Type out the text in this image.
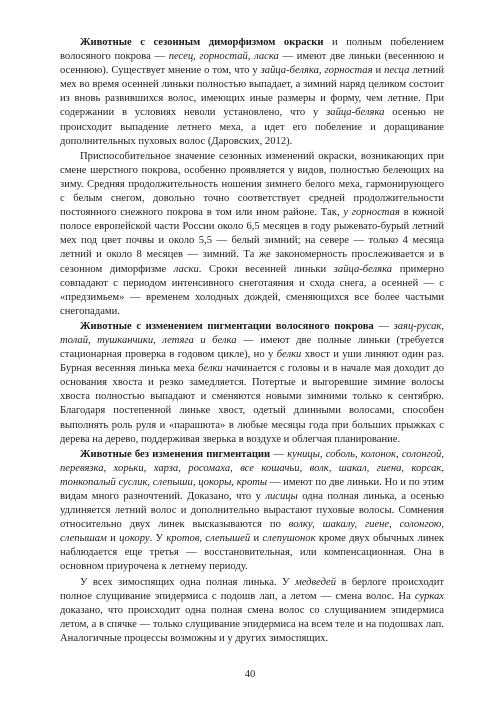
Животные с сезонным диморфизмом окраски и полным побелением волосяного покрова — песец, горностай, ласка — имеют две линьки (весеннюю и осеннюю). Существует мнение о том, что у зайца-беляка, горностая и песца летний мех во время осенней линьки полностью выпадает, а зимний наряд целиком состоит из вновь развившихся волос, имеющих иные размеры и форму, чем летние. При содержании в условиях неволи установлено, что у зайца-беляка осенью не происходит выпадение летнего меха, а идет его побеление и доращивание дополнительных пуховых волос (Даровских, 2012).

Приспособительное значение сезонных изменений окраски, возникающих при смене шерстного покрова, особенно проявляется у видов, полностью белеющих на зиму. Средняя продолжительность ношения зимнего белого меха, гармонирующего с белым снегом, довольно точно соответствует средней продолжительности постоянного снежного покрова в том или ином районе. Так, у горностая в южной полосе европейской части России около 6,5 месяцев в году рыжевато-бурый летний мех под цвет почвы и около 5,5 — белый зимний; на севере — только 4 месяца летний и около 8 месяцев — зимний. Та же закономерность прослеживается и в сезонном диморфизме ласки. Сроки весенней линьки зайца-беляка примерно совпадают с периодом интенсивного снеготаяния и схода снега, а осенней — с «предзимьем» — временем холодных дождей, сменяющихся все более частыми снегопадами.

Животные с изменением пигментации волосяного покрова — заяц-русак, толай, тушканчики, летяга и белка — имеют две полные линьки (требуется стационарная проверка в годовом цикле), но у белки хвост и уши линяют один раз. Бурная весенняя линька меха белки начинается с головы и в начале мая доходит до основания хвоста и резко замедляется. Потертые и выгоревшие зимние волосы хвоста полностью выпадают и сменяются новыми зимними только к сентябрю. Благодаря постепенной линьке хвост, одетый длинными волосами, способен выполнять роль руля и «парашюта» в любые месяцы года при больших прыжках с дерева на дерево, поддерживая зверька в воздухе и облегчая планирование.

Животные без изменения пигментации — куницы, соболь, колонок, солонгой, перевязка, хорьки, харза, росомаха, все кошачьи, волк, шакал, гиена, корсак, тонкопалый суслик, слепыши, цокоры, кроты — имеют по две линьки. Но и по этим видам много разночтений. Доказано, что у лисицы одна полная линька, а осенью удлиняется летний волос и дополнительно вырастают пуховые волосы. Сомнения относительно двух линек высказываются по волку, шакалу, гиене, солонгою, слепышам и цокору. У кротов, слепышей и слепушонок кроме двух обычных линек наблюдается еще третья — восстановительная, или компенсационная. Она в основном приурочена к летнему периоду.

У всех зимоспящих одна полная линька. У медведей в берлоге происходит полное слущивание эпидермиса с подошв лап, а летом — смена волос. На сурках доказано, что происходит одна полная смена волос со слущиванием эпидермиса летом, а в спячке — только слущивание эпидермиса на всем теле и на подошвах лап. Аналогичные процессы возможны и у других зимоспящих.

40
